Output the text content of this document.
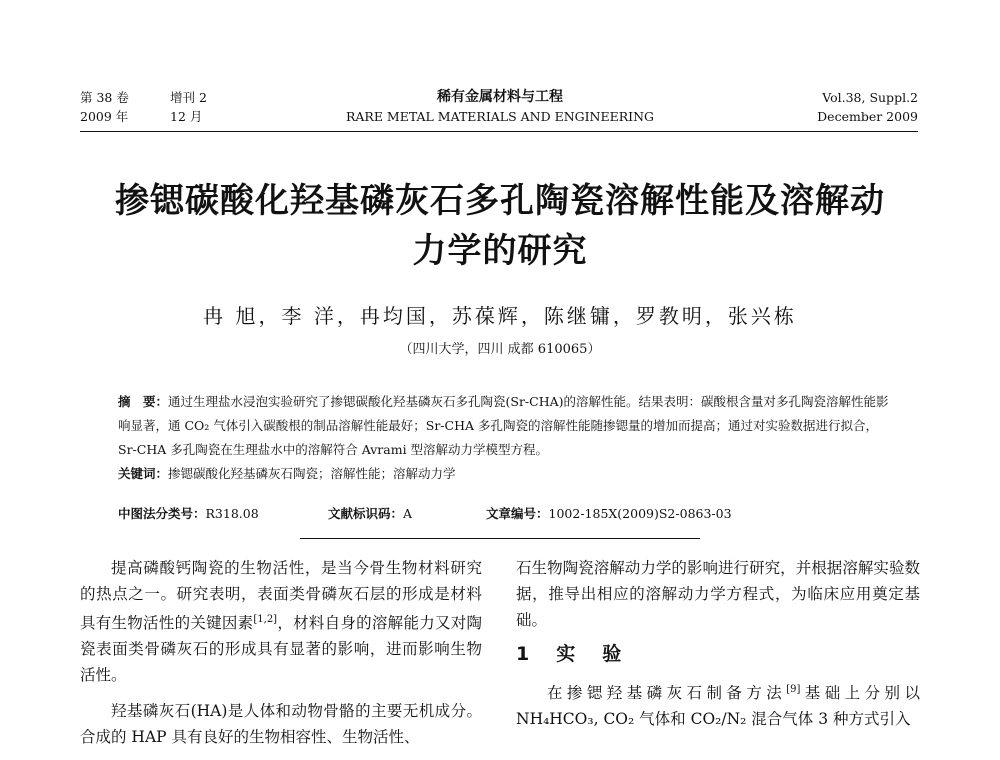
第 38 卷	增刊 2
2009 年	12 月
稀有金属材料与工程
RARE METAL MATERIALS AND ENGINEERING
Vol.38, Suppl.2
December 2009
掺锶碳酸化羟基磷灰石多孔陶瓷溶解性能及溶解动
力学的研究
冉 旭，李 洋，冉均国，苏葆辉，陈继镛，罗教明，张兴栋
（四川大学，四川 成都 610065）
摘　要：通过生理盐水浸泡实验研究了掺锶碳酸化羟基磷灰石多孔陶瓷(Sr-CHA)的溶解性能。结果表明：碳酸根含量对多孔陶瓷溶解性能影响显著，通 CO₂ 气体引入碳酸根的制品溶解性能最好；Sr-CHA 多孔陶瓷的溶解性能随掺锶量的增加而提高；通过对实验数据进行拟合，Sr-CHA 多孔陶瓷在生理盐水中的溶解符合 Avrami 型溶解动力学模型方程。
关键词：掺锶碳酸化羟基磷灰石陶瓷；溶解性能；溶解动力学
中图法分类号：R318.08	文献标识码：A	文章编号：1002-185X(2009)S2-0863-03

提高磷酸钙陶瓷的生物活性，是当今骨生物材料研究的热点之一。研究表明，表面类骨磷灰石层的形成是材料具有生物活性的关键因素[1,2]，材料自身的溶解能力又对陶瓷表面类骨磷灰石的形成具有显著的影响，进而影响生物活性。

羟基磷灰石(HA)是人体和动物骨骼的主要无机成分。合成的 HAP 具有良好的生物相容性、生物活性、

石生物陶瓷溶解动力学的影响进行研究，并根据溶解实验数据，推导出相应的溶解动力学方程式，为临床应用奠定基础。

1　实　验

在掺锶羟基磷灰石制备方法[9]基础上分别以 NH₄HCO₃, CO₂ 气体和 CO₂/N₂ 混合气体 3 种方式引入
